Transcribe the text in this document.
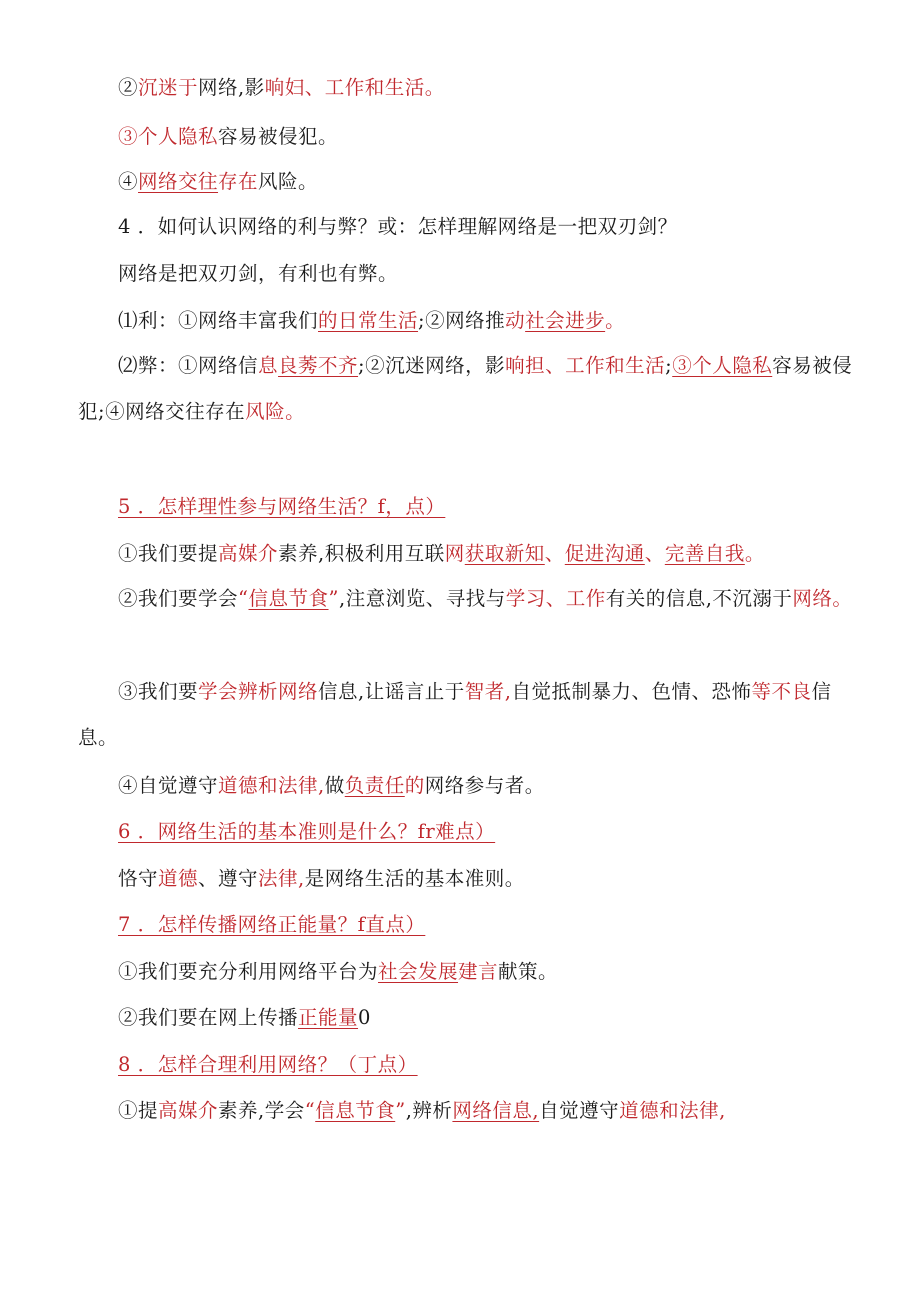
②沉迷于网络,影响妇、工作和生活。
③个人隐私容易被侵犯。
④网络交往存在风险。
4 ．如何认识网络的利与弊？或：怎样理解网络是一把双刃剑？
网络是把双刃剑，有利也有弊。
⑴利：①网络丰富我们的日常生活;②网络推动社会进步。
⑵弊：①网络信息良莠不齐;②沉迷网络，影响担、工作和生活;③个人隐私容易被侵犯;④网络交往存在风险。
5 ．怎样理性参与网络生活？f，点）
①我们要提高媒介素养,积极利用互联网获取新知、促进沟通、完善自我。
②我们要学会“信息节食”,注意浏览、寻找与学习、工作有关的信息,不沉溺于网络。
③我们要学会辨析网络信息,让谣言止于智者,自觉抵制暴力、色情、恐怖等不良信息。
④自觉遵守道德和法律,做负责任的网络参与者。
6 ．网络生活的基本准则是什么？fr难点）
恪守道德、遵守法律,是网络生活的基本准则。
7 ．怎样传播网络正能量？f直点）
①我们要充分利用网络平台为社会发展建言献策。
②我们要在网上传播正能量0
8 ．怎样合理利用网络？（丁点）
①提高媒介素养,学会“信息节食”,辨析网络信息,自觉遵守道德和法律,
